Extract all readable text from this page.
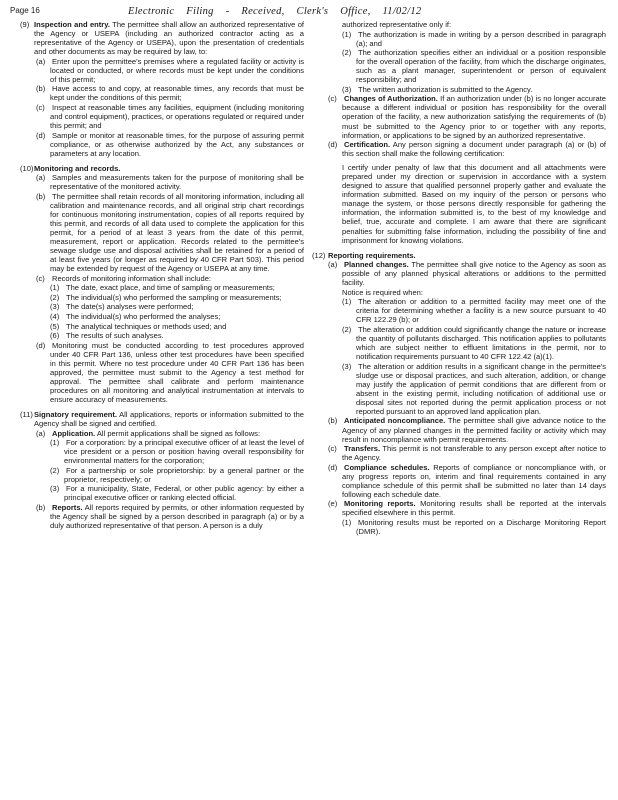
Page 16	Electronic Filing - Received, Clerk's Office, 11/02/12

(9) Inspection and entry. The permittee shall allow an authorized representative of the Agency or USEPA (including an authorized contractor acting as a representative of the Agency or USEPA), upon the presentation of credentials and other documents as may be required by law, to:

(a) Enter upon the permittee's premises where a regulated facility or activity is located or conducted, or where records must be kept under the conditions of this permit;

(b) Have access to and copy, at reasonable times, any records that must be kept under the conditions of this permit;

(c) Inspect at reasonable times any facilities, equipment (including monitoring and control equipment), practices, or operations regulated or required under this permit; and

(d) Sample or monitor at reasonable times, for the purpose of assuring permit compliance, or as otherwise authorized by the Act, any substances or parameters at any location.

(10)Monitoring and records.

(a) Samples and measurements taken for the purpose of monitoring shall be representative of the monitored activity.

(b) The permittee shall retain records of all monitoring information, including all calibration and maintenance records, and all original strip chart recordings for continuous monitoring instrumentation, copies of all reports required by this permit, and records of all data used to complete the application for this permit, for a period of at least 3 years from the date of this permit, measurement, report or application. Records related to the permittee's sewage sludge use and disposal activities shall be retained for a period of at least five years (or longer as required by 40 CFR Part 503). This period may be extended by request of the Agency or USEPA at any time.

(c) Records of monitoring information shall include:

(1) The date, exact place, and time of sampling or measurements;

(2) The individual(s) who performed the sampling or measurements;

(3) The date(s) analyses were performed;

(4) The individual(s) who performed the analyses;

(5) The analytical techniques or methods used; and

(6) The results of such analyses.

(d) Monitoring must be conducted according to test procedures approved under 40 CFR Part 136, unless other test procedures have been specified in this permit. Where no test procedure under 40 CFR Part 136 has been approved, the permittee must submit to the Agency a test method for approval. The permittee shall calibrate and perform maintenance procedures on all monitoring and analytical instrumentation at intervals to ensure accuracy of measurements.

(11)Signatory requirement. All applications, reports or information submitted to the Agency shall be signed and certified.

(a) Application. All permit applications shall be signed as follows:

(1) For a corporation: by a principal executive officer of at least the level of vice president or a person or position having overall responsibility for environmental matters for the corporation;

(2) For a partnership or sole proprietorship: by a general partner or the proprietor, respectively; or

(3) For a municipality, State, Federal, or other public agency: by either a principal executive officer or ranking elected official.

(b) Reports. All reports required by permits, or other information requested by the Agency shall be signed by a person described in paragraph (a) or by a duly authorized representative of that person. A person is a duly

authorized representative only if:

(1) The authorization is made in writing by a person described in paragraph (a); and

(2) The authorization specifies either an individual or a position responsible for the overall operation of the facility, from which the discharge originates, such as a plant manager, superintendent or person of equivalent responsibility; and

(3) The written authorization is submitted to the Agency.

(c) Changes of Authorization. If an authorization under (b) is no longer accurate because a different individual or position has responsibility for the overall operation of the facility, a new authorization satisfying the requirements of (b) must be submitted to the Agency prior to or together with any reports, information, or applications to be signed by an authorized representative.

(d) Certification. Any person signing a document under paragraph (a) or (b) of this section shall make the following certification:

I certify under penalty of law that this document and all attachments were prepared under my direction or supervision in accordance with a system designed to assure that qualified personnel properly gather and evaluate the information submitted. Based on my inquiry of the person or persons who manage the system, or those persons directly responsible for gathering the information, the information submitted is, to the best of my knowledge and belief, true, accurate and complete. I am aware that there are significant penalties for submitting false information, including the possibility of fine and imprisonment for knowing violations.

(12) Reporting requirements.

(a) Planned changes. The permittee shall give notice to the Agency as soon as possible of any planned physical alterations or additions to the permitted facility.

Notice is required when:

(1) The alteration or addition to a permitted facility may meet one of the criteria for determining whether a facility is a new source pursuant to 40 CFR 122.29 (b); or

(2) The alteration or addition could significantly change the nature or increase the quantity of pollutants discharged. This notification applies to pollutants which are subject neither to effluent limitations in the permit, nor to notification requirements pursuant to 40 CFR 122.42 (a)(1).

(3) The alteration or addition results in a significant change in the permittee's sludge use or disposal practices, and such alteration, addition, or change may justify the application of permit conditions that are different from or absent in the existing permit, including notification of additional use or disposal sites not reported during the permit application process or not reported pursuant to an approved land application plan.

(b) Anticipated noncompliance. The permittee shall give advance notice to the Agency of any planned changes in the permitted facility or activity which may result in noncompliance with permit requirements.

(c) Transfers. This permit is not transferable to any person except after notice to the Agency.

(d) Compliance schedules. Reports of compliance or noncompliance with, or any progress reports on, interim and final requirements contained in any compliance schedule of this permit shall be submitted no later than 14 days following each schedule date.

(e) Monitoring reports. Monitoring results shall be reported at the intervals specified elsewhere in this permit.

(1) Monitoring results must be reported on a Discharge Monitoring Report (DMR).
